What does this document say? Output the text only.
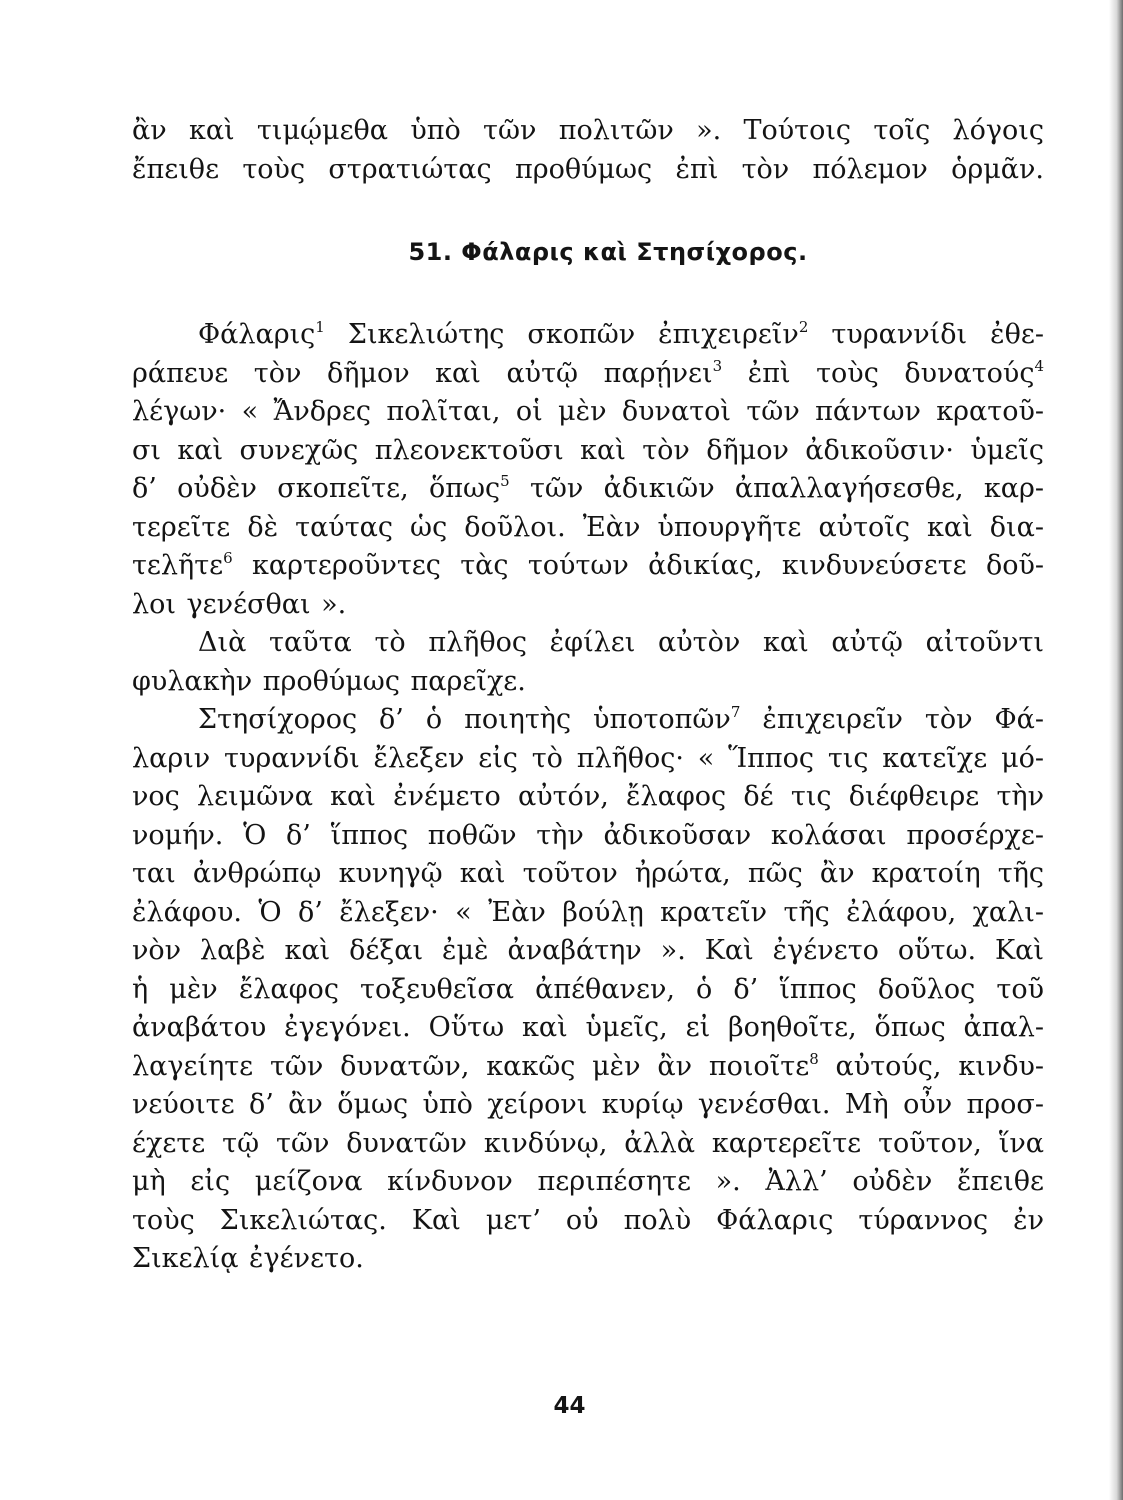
ἂν καὶ τιμῴμεθα ὑπὸ τῶν πολιτῶν ». Τούτοις τοῖς λόγοις
ἔπειθε τοὺς στρατιώτας προθύμως ἐπὶ τὸν πόλεμον ὁρμᾶν.
51. Φάλαρις καὶ Στησίχορος.
Φάλαρις$^1$ Σικελιώτης σκοπῶν ἐπιχειρεῖν$^2$ τυραννίδι ἐθε-
ράπευε τὸν δῆμον καὶ αὐτῷ παρῄνει$^3$ ἐπὶ τοὺς δυνατούς$^4$
λέγων· « Ἄνδρες πολῖται, οἱ μὲν δυνατοὶ τῶν πάντων κρατοῦ-
σι καὶ συνεχῶς πλεονεκτοῦσι καὶ τὸν δῆμον ἀδικοῦσιν· ὑμεῖς
δ’ οὐδὲν σκοπεῖτε, ὅπως$^5$ τῶν ἀδικιῶν ἀπαλλαγήσεσθε, καρ-
τερεῖτε δὲ ταύτας ὡς δοῦλοι. Ἐὰν ὑπουργῆτε αὐτοῖς καὶ δια-
τελῆτε$^6$ καρτεροῦντες τὰς τούτων ἀδικίας, κινδυνεύσετε δοῦ-
λοι γενέσθαι ».
Διὰ ταῦτα τὸ πλῆθος ἐφίλει αὐτὸν καὶ αὐτῷ αἰτοῦντι
φυλακὴν προθύμως παρεῖχε.
Στησίχορος δ’ ὁ ποιητὴς ὑποτοπῶν$^7$ ἐπιχειρεῖν τὸν Φά-
λαριν τυραννίδι ἔλεξεν εἰς τὸ πλῆθος· « Ἵππος τις κατεῖχε μό-
νος λειμῶνα καὶ ἐνέμετο αὐτόν, ἔλαφος δέ τις διέφθειρε τὴν
νομήν. Ὁ δ’ ἵππος ποθῶν τὴν ἀδικοῦσαν κολάσαι προσέρχε-
ται ἀνθρώπῳ κυνηγῷ καὶ τοῦτον ἠρώτα, πῶς ἂν κρατοίη τῆς
ἐλάφου. Ὁ δ’ ἔλεξεν· « Ἐὰν βούλῃ κρατεῖν τῆς ἐλάφου, χαλι-
νὸν λαβὲ καὶ δέξαι ἐμὲ ἀναβάτην ». Καὶ ἐγένετο οὕτω. Καὶ
ἡ μὲν ἔλαφος τοξευθεῖσα ἀπέθανεν, ὁ δ’ ἵππος δοῦλος τοῦ
ἀναβάτου ἐγεγόνει. Οὕτω καὶ ὑμεῖς, εἰ βοηθοῖτε, ὅπως ἀπαλ-
λαγείητε τῶν δυνατῶν, κακῶς μὲν ἂν ποιοῖτε$^8$ αὐτούς, κινδυ-
νεύοιτε δ’ ἂν ὅμως ὑπὸ χείρονι κυρίῳ γενέσθαι. Μὴ οὖν προσ-
έχετε τῷ τῶν δυνατῶν κινδύνῳ, ἀλλὰ καρτερεῖτε τοῦτον, ἵνα
μὴ εἰς μείζονα κίνδυνον περιπέσητε ». Ἀλλ’ οὐδὲν ἔπειθε
τοὺς Σικελιώτας. Καὶ μετ’ οὐ πολὺ Φάλαρις τύραννος ἐν
Σικελίᾳ ἐγένετο.
44
